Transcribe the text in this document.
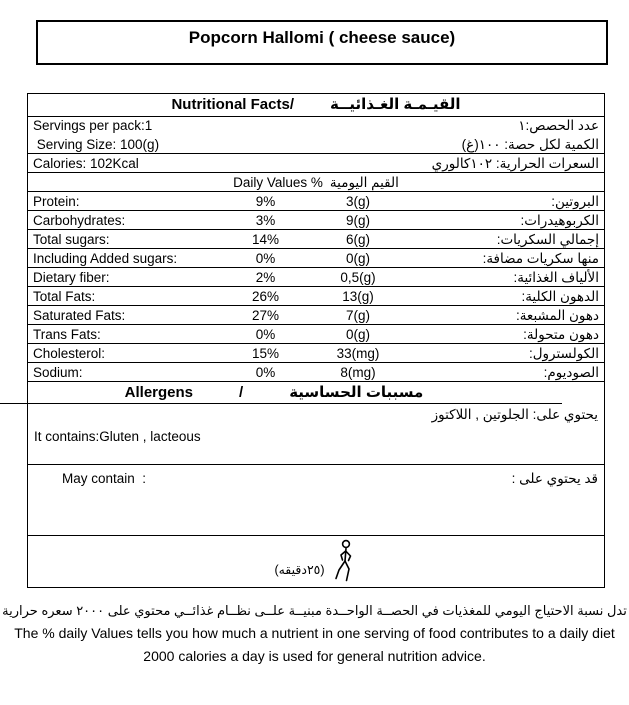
Popcorn Hallomi ( cheese sauce)
Nutritional Facts/ القيـمـة الغـذائيــة
Servings per pack:1	عدد الحصص:١
Serving Size: 100(g)	الكمية لكل حصة: ١٠٠(غ)
Calories: 102Kcal	السعرات الحرارية: ١٠٢كالوري
Daily Values % القيم اليومية
Protein:	9%	3(g)	البروتين:
Carbohydrates:	3%	9(g)	الكربوهيدرات:
Total sugars:	14%	6(g)	إجمالي السكريات:
Including Added sugars:	0%	0(g)	منها سكريات مضافة:
Dietary fiber:	2%	0,5(g)	الألياف الغذائية:
Total Fats:	26%	13(g)	الدهون الكلية:
Saturated Fats:	27%	7(g)	دهون المشبعة:
Trans Fats:	0%	0(g)	دهون متحولة:
Cholesterol:	15%	33(mg)	الكولسترول:
Sodium:	0%	8(mg)	الصوديوم:
Allergens	/	مسببات الحساسية
يحتوي على: الجلوتين , اللاكتوز
It contains:Gluten , lacteous
May contain  :	قد يحتوي على :
(٢٥دقيقه)
تدل نسبة الاحتياج اليومي للمغذيات في الحصــة الواحــدة مبنيــة علــى نظــام غذائــي محتوي على ٢٠٠٠ سعره حرارية
The % daily Values tells you how much a nutrient in one serving of food contributes to a daily diet
2000 calories a day is used for general nutrition advice.
